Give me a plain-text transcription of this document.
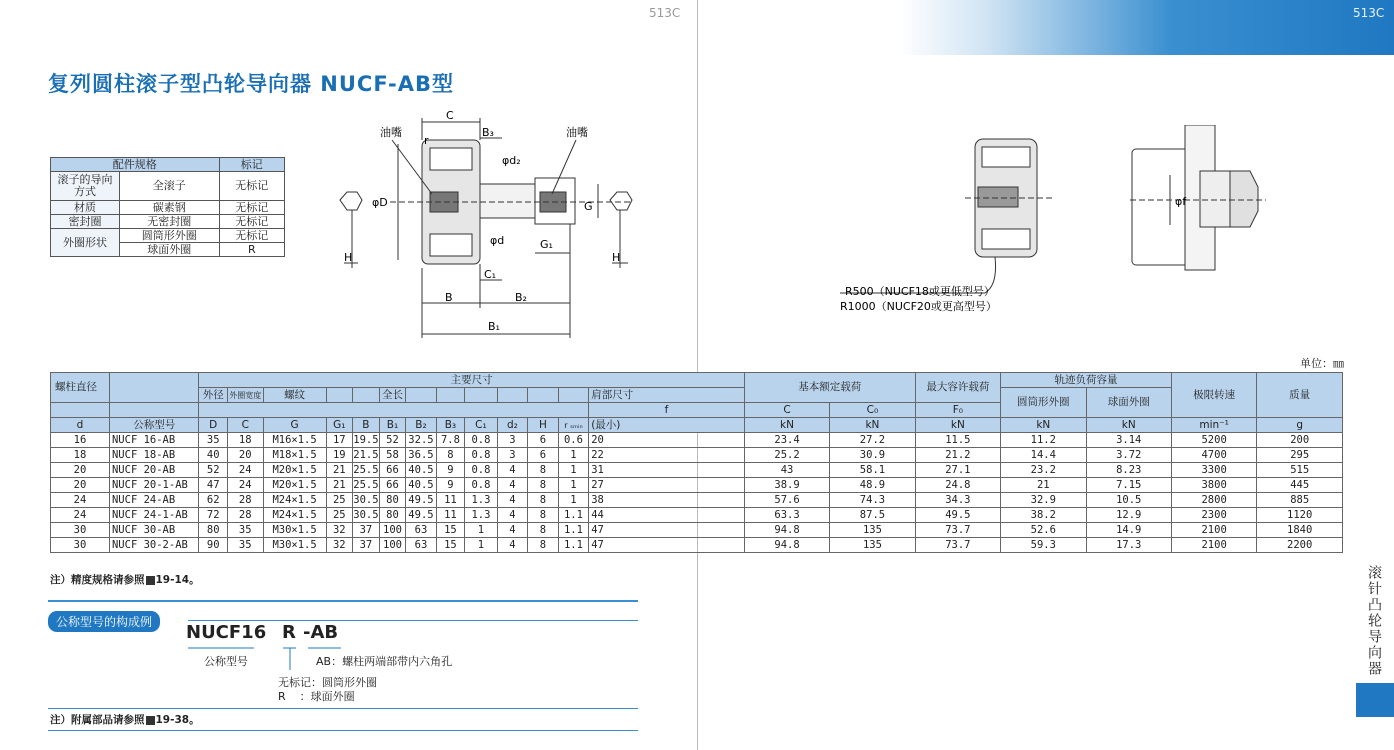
513C	513C
复列圆柱滚子型凸轮导向器 NUCF-AB型
配件规格		标记
滚子的导向方式	全滚子	无标记
材质	碳素钢	无标记
密封圈	无密封圈	无标记
外圈形状	圆筒形外圈	无标记
	球面外圈	R
油嘴	油嘴
C
B₃
r
φd₂
φD
φd
G
G₁
H	H
C₁
B	B₂
B₁
φf
R500（NUCF18或更低型号）
R1000（NUCF20或更高型号）
单位：㎜
螺柱直径		主要尺寸													基本额定载荷		最大容许载荷	轨迹负荷容量		极限转速	质量
		外径	外圈宽度	螺纹			全长							肩部尺寸				圆筒形外圈	球面外圈		
														f	C	C₀	F₀				
d	公称型号	D	C	G	G₁	B	B₁	B₂	B₃	C₁	d₂	H	r ₛₘᵢₙ	(最小)	kN	kN	kN	kN	kN	min⁻¹	g
16	NUCF 16-AB	35	18	M16×1.5	17	19.5	52	32.5	7.8	0.8	3	6	0.6	20	23.4	27.2	11.5	11.2	3.14	5200	200
18	NUCF 18-AB	40	20	M18×1.5	19	21.5	58	36.5	8	0.8	3	6	1	22	25.2	30.9	21.2	14.4	3.72	4700	295
20	NUCF 20-AB	52	24	M20×1.5	21	25.5	66	40.5	9	0.8	4	8	1	31	43	58.1	27.1	23.2	8.23	3300	515
20	NUCF 20-1-AB	47	24	M20×1.5	21	25.5	66	40.5	9	0.8	4	8	1	27	38.9	48.9	24.8	21	7.15	3800	445
24	NUCF 24-AB	62	28	M24×1.5	25	30.5	80	49.5	11	1.3	4	8	1	38	57.6	74.3	34.3	32.9	10.5	2800	885
24	NUCF 24-1-AB	72	28	M24×1.5	25	30.5	80	49.5	11	1.3	4	8	1.1	44	63.3	87.5	49.5	38.2	12.9	2300	1120
30	NUCF 30-AB	80	35	M30×1.5	32	37	100	63	15	1	4	8	1.1	47	94.8	135	73.7	52.6	14.9	2100	1840
30	NUCF 30-2-AB	90	35	M30×1.5	32	37	100	63	15	1	4	8	1.1	47	94.8	135	73.7	59.3	17.3	2100	2200
注）精度规格请参照 19-14。
公称型号的构成例	NUCF16 R -AB
公称型号	AB：螺柱两端部带内六角孔
无标记：圆筒形外圈
R    ：球面外圈
注）附属部品请参照 19-38。
滚针凸轮导向器
